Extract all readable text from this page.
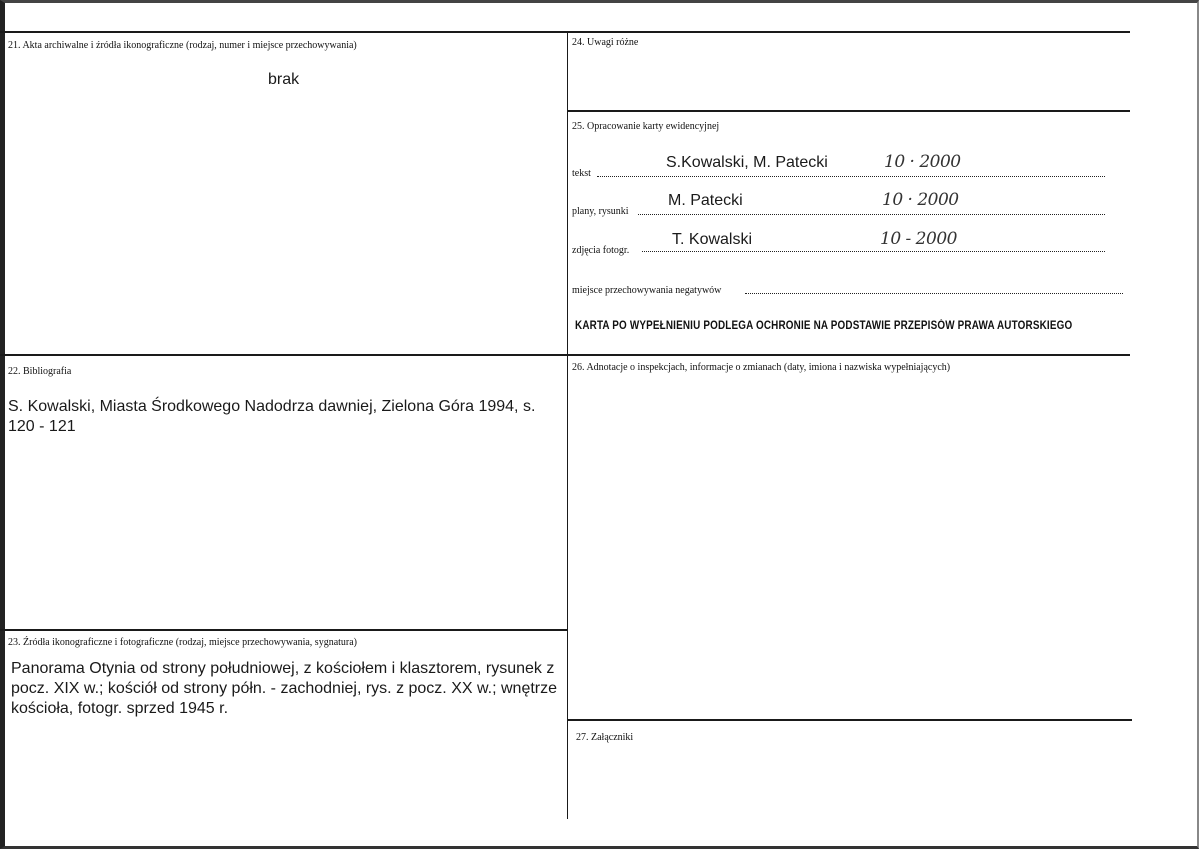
21. Akta archiwalne i źródła ikonograficzne (rodzaj, numer i miejsce przechowywania)
brak
22. Bibliografia
S. Kowalski, Miasta Środkowego Nadodrza dawniej, Zielona Góra 1994, s. 120 - 121
23. Źródła ikonograficzne i fotograficzne (rodzaj, miejsce przechowywania, sygnatura)
Panorama Otynia od strony południowej, z kościołem i klasztorem, rysunek z pocz. XIX w.; kościół od strony półn. - zachodniej, rys. z pocz. XX w.; wnętrze kościoła, fotogr. sprzed 1945 r.
24. Uwagi różne
25. Opracowanie karty ewidencyjnej
tekst
S.Kowalski, M. Patecki	10 · 2000
plany, rysunki
M. Patecki	10 · 2000
zdjęcia fotogr.
T. Kowalski	10 - 2000
miejsce przechowywania negatywów
KARTA PO WYPEŁNIENIU PODLEGA OCHRONIE NA PODSTAWIE PRZEPISÓW PRAWA AUTORSKIEGO
26. Adnotacje o inspekcjach, informacje o zmianach (daty, imiona i nazwiska wypełniających)
27. Załączniki
